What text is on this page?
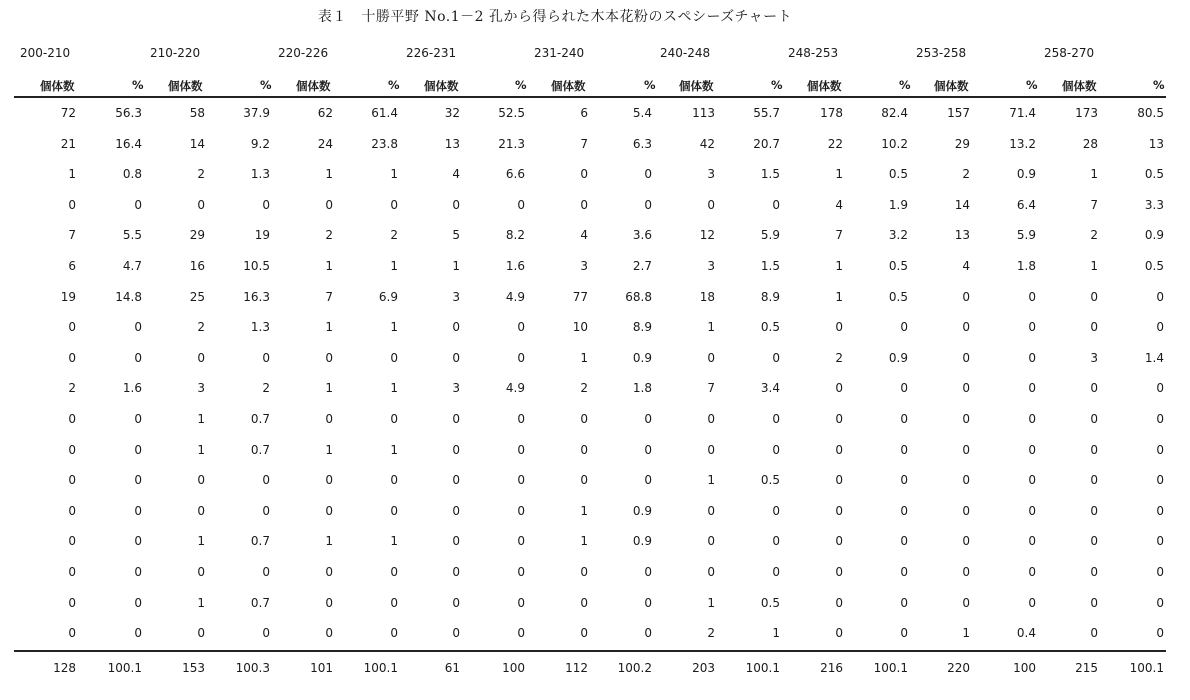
表１　十勝平野 No.1－2 孔から得られた木本花粉のスペシーズチャート
200-210	210-220	220-226	226-231	231-240	240-248	248-253	253-258	258-270
個体数	% 個体数	% 個体数	% 個体数	% 個体数	% 個体数	% 個体数	% 個体数	% 個体数	%
72	56.3	58	37.9	62	61.4	32	52.5	6	5.4	113	55.7	178	82.4	157	71.4	173	80.5
21	16.4	14	9.2	24	23.8	13	21.3	7	6.3	42	20.7	22	10.2	29	13.2	28	13
1	0.8	2	1.3	1	1	4	6.6	0	0	3	1.5	1	0.5	2	0.9	1	0.5
0	0	0	0	0	0	0	0	0	0	0	0	4	1.9	14	6.4	7	3.3
7	5.5	29	19	2	2	5	8.2	4	3.6	12	5.9	7	3.2	13	5.9	2	0.9
6	4.7	16	10.5	1	1	1	1.6	3	2.7	3	1.5	1	0.5	4	1.8	1	0.5
19	14.8	25	16.3	7	6.9	3	4.9	77	68.8	18	8.9	1	0.5	0	0	0	0
0	0	2	1.3	1	1	0	0	10	8.9	1	0.5	0	0	0	0	0	0
0	0	0	0	0	0	0	0	1	0.9	0	0	2	0.9	0	0	3	1.4
2	1.6	3	2	1	1	3	4.9	2	1.8	7	3.4	0	0	0	0	0	0
0	0	1	0.7	0	0	0	0	0	0	0	0	0	0	0	0	0	0
0	0	1	0.7	1	1	0	0	0	0	0	0	0	0	0	0	0	0
0	0	0	0	0	0	0	0	0	0	1	0.5	0	0	0	0	0	0
0	0	0	0	0	0	0	0	1	0.9	0	0	0	0	0	0	0	0
0	0	1	0.7	1	1	0	0	1	0.9	0	0	0	0	0	0	0	0
0	0	0	0	0	0	0	0	0	0	0	0	0	0	0	0	0	0
0	0	1	0.7	0	0	0	0	0	0	1	0.5	0	0	0	0	0	0
0	0	0	0	0	0	0	0	0	0	2	1	0	0	1	0.4	0	0
128	100.1	153	100.3	101	100.1	61	100	112	100.2	203	100.1	216	100.1	220	100	215	100.1
